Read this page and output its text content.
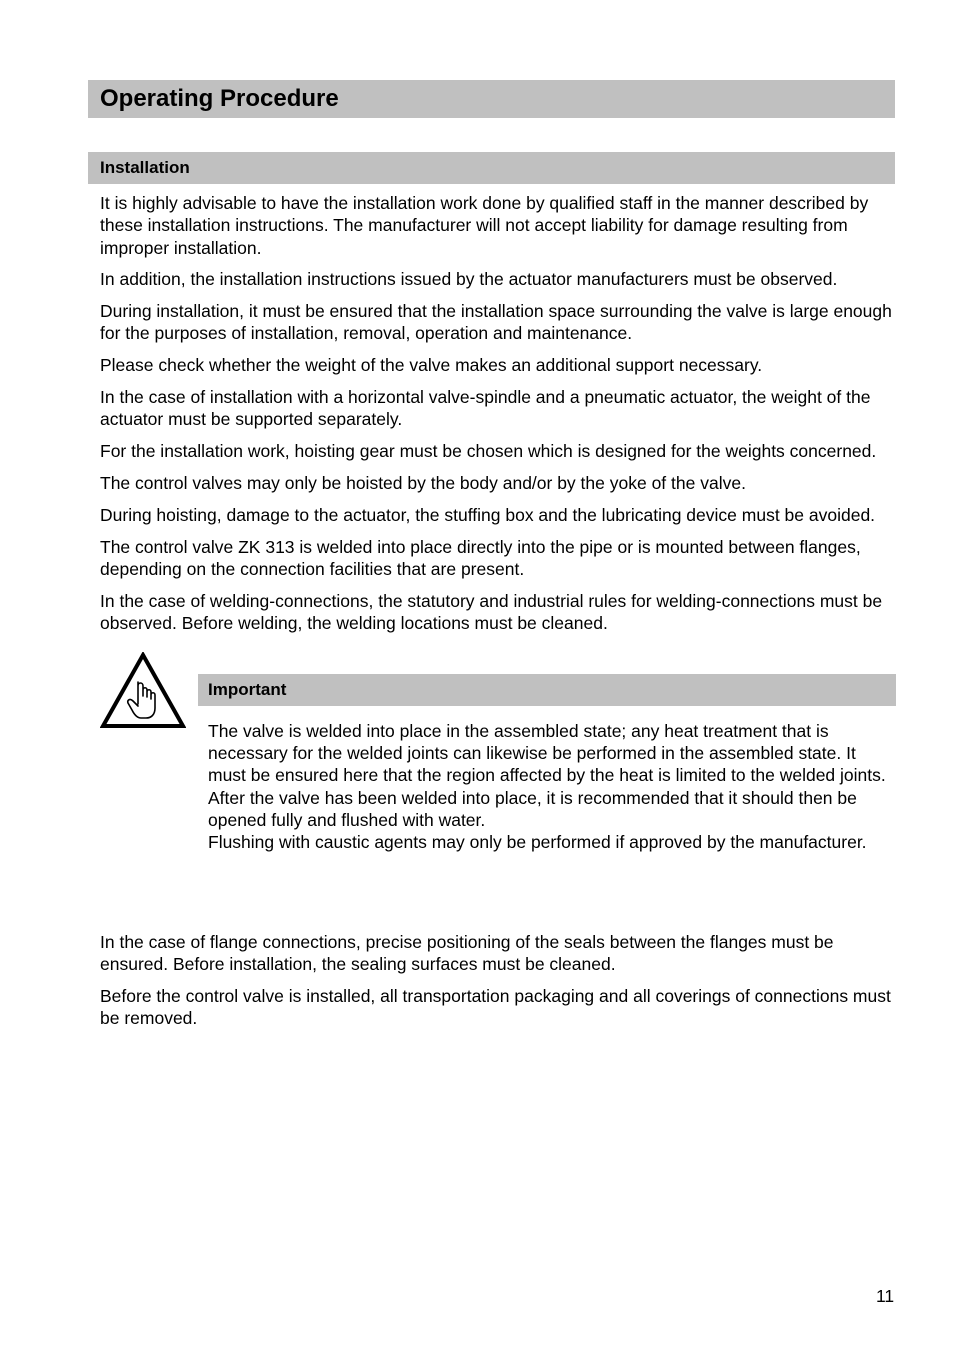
Operating Procedure
Installation

It is highly advisable to have the installation work done by qualified staff in the manner described by these installation instructions. The manufacturer will not accept liability for damage resulting from improper installation.

In addition, the installation instructions issued by the actuator manufacturers must be observed.

During installation, it must be ensured that the installation space surrounding the valve is large enough for the purposes of installation, removal, operation and maintenance.

Please check whether the weight of the valve makes an additional support necessary.

In the case of installation with a horizontal valve-spindle and a pneumatic actuator, the weight of the actuator must be supported separately.

For the installation work, hoisting gear must be chosen which is designed for the weights concerned.

The control valves may only be hoisted by the body and/or by the yoke of the valve.

During hoisting, damage to the actuator, the stuffing box and the lubricating device must be avoided.

The control valve ZK 313 is welded into place directly into the pipe or is mounted between flanges, depending on the connection facilities that are present.

In the case of welding-connections, the statutory and industrial rules for welding-connections must be observed. Before welding, the welding locations must be cleaned.

Important

The valve is welded into place in the assembled state; any heat treatment that is necessary for the welded joints can likewise be performed in the assembled state. It must be ensured here that the region affected by the heat is limited to the welded joints.

After the valve has been welded into place, it is recommended that it should then be opened fully and flushed with water.

Flushing with caustic agents may only be performed if approved by the manufacturer.

In the case of flange connections, precise positioning of the seals between the flanges must be ensured. Before installation, the sealing surfaces must be cleaned.

Before the control valve is installed, all transportation packaging and all coverings of connections must be removed.

11
